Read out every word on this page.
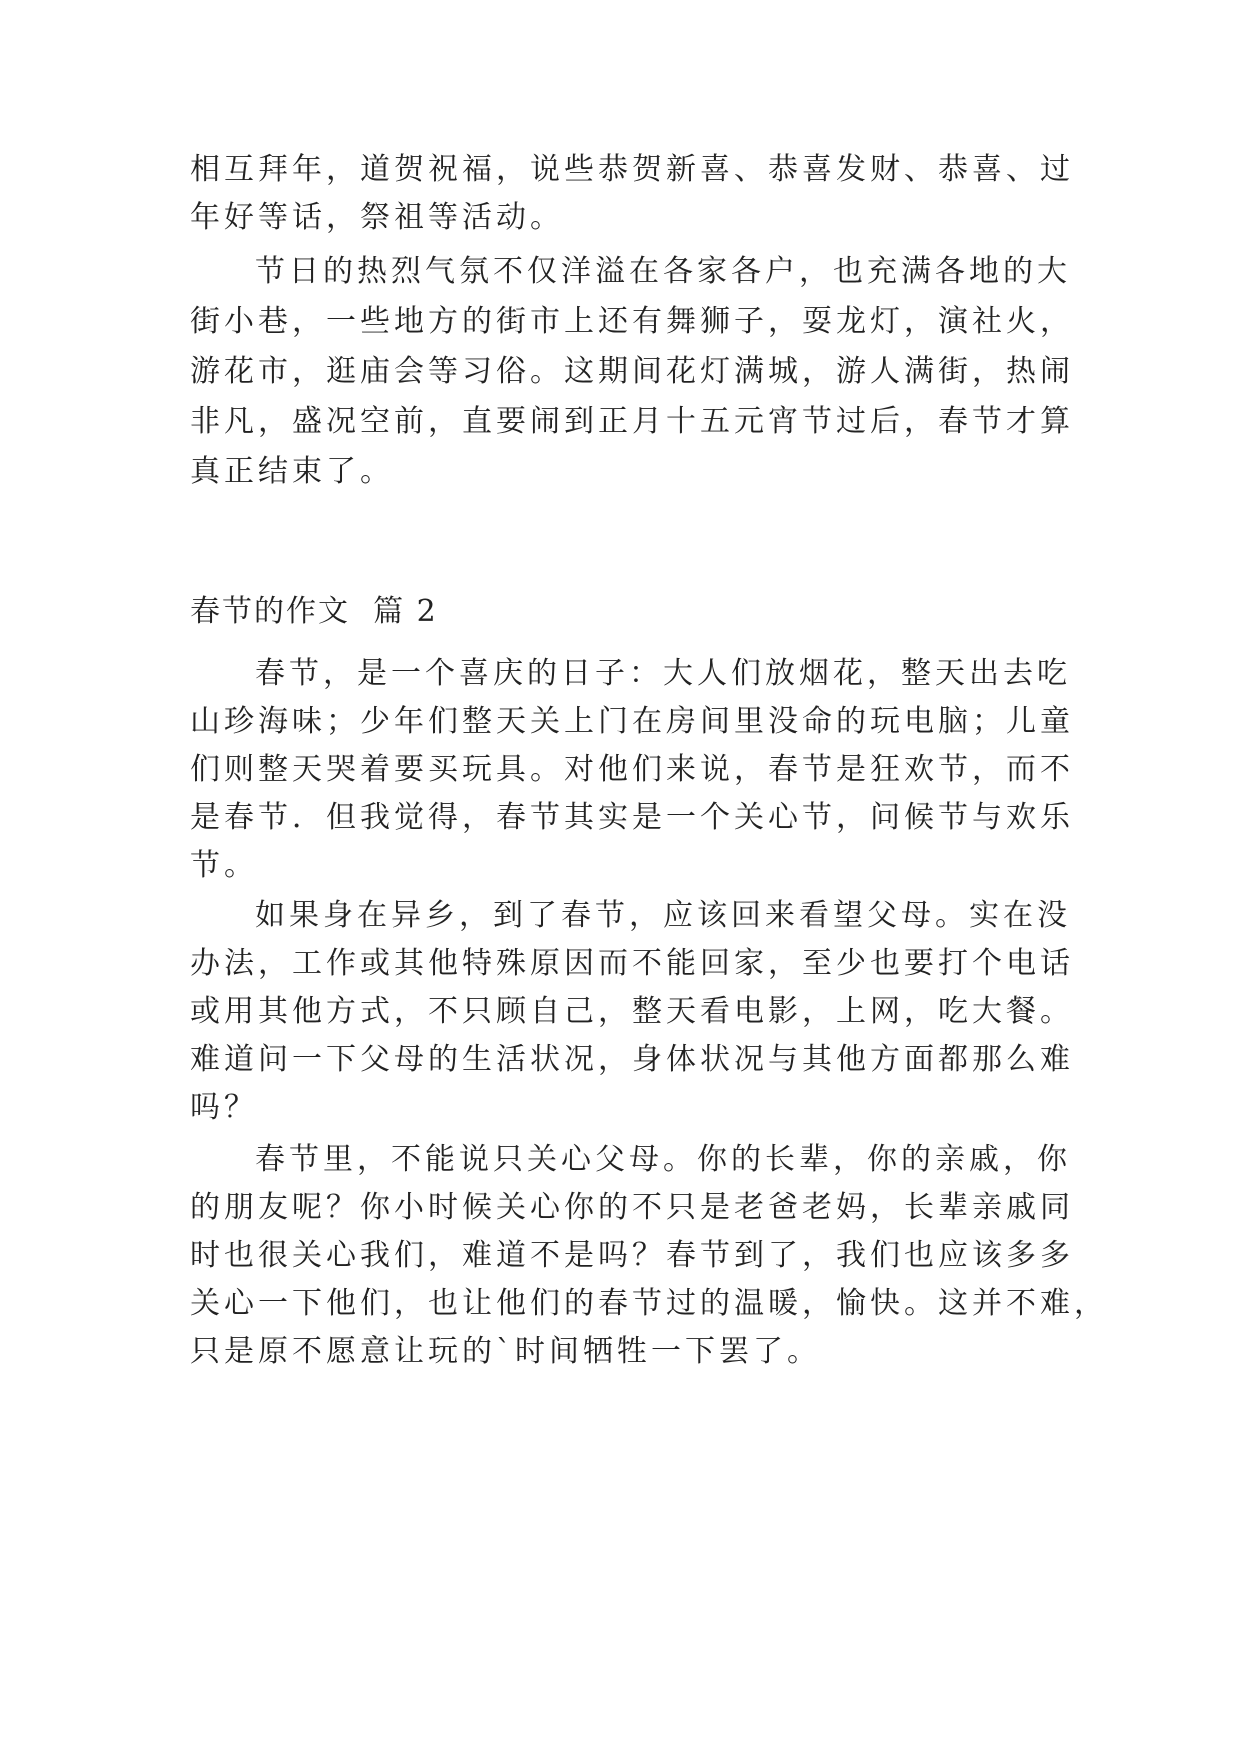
相互拜年，道贺祝福，说些恭贺新喜、恭喜发财、恭喜、过
年好等话，祭祖等活动。
节日的热烈气氛不仅洋溢在各家各户，也充满各地的大
街小巷，一些地方的街市上还有舞狮子，耍龙灯，演社火，
游花市，逛庙会等习俗。这期间花灯满城，游人满街，热闹
非凡，盛况空前，直要闹到正月十五元宵节过后，春节才算
真正结束了。
春节的作文  篇 2
春节，是一个喜庆的日子：大人们放烟花，整天出去吃
山珍海味；少年们整天关上门在房间里没命的玩电脑；儿童
们则整天哭着要买玩具。对他们来说，春节是狂欢节，而不
是春节．但我觉得，春节其实是一个关心节，问候节与欢乐
节。
如果身在异乡，到了春节，应该回来看望父母。实在没
办法，工作或其他特殊原因而不能回家，至少也要打个电话
或用其他方式，不只顾自己，整天看电影，上网，吃大餐。
难道问一下父母的生活状况，身体状况与其他方面都那么难
吗？
春节里，不能说只关心父母。你的长辈，你的亲戚，你
的朋友呢？你小时候关心你的不只是老爸老妈，长辈亲戚同
时也很关心我们，难道不是吗？春节到了，我们也应该多多
关心一下他们，也让他们的春节过的温暖，愉快。这并不难，
只是原不愿意让玩的`时间牺牲一下罢了。
